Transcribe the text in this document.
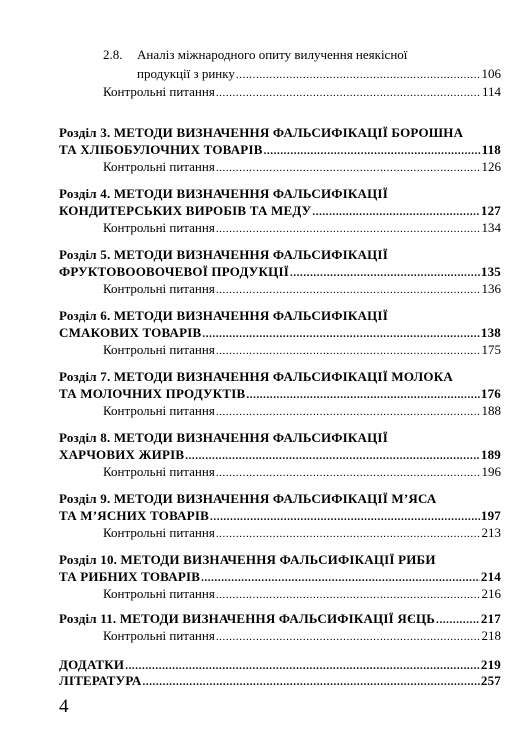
2.8. Аналіз міжнародного опиту вилучення неякісної
продукції з ринку .....	106
Контрольні питання .....	114
Розділ 3. МЕТОДИ ВИЗНАЧЕННЯ ФАЛЬСИФІКАЦІЇ БОРОШНА
ТА ХЛІБОБУЛОЧНИХ ТОВАРІВ .....	118
Контрольні питання .....	126
Розділ 4. МЕТОДИ ВИЗНАЧЕННЯ ФАЛЬСИФІКАЦІЇ
КОНДИТЕРСЬКИХ ВИРОБІВ ТА МЕДУ .....	127
Контрольні питання .....	134
Розділ 5. МЕТОДИ ВИЗНАЧЕННЯ ФАЛЬСИФІКАЦІЇ
ФРУКТОВООВОЧЕВОЇ ПРОДУКЦІЇ .....	135
Контрольні питання .....	136
Розділ 6. МЕТОДИ ВИЗНАЧЕННЯ ФАЛЬСИФІКАЦІЇ
СМАКОВИХ ТОВАРІВ .....	138
Контрольні питання .....	175
Розділ 7. МЕТОДИ ВИЗНАЧЕННЯ ФАЛЬСИФІКАЦІЇ МОЛОКА
ТА МОЛОЧНИХ ПРОДУКТІВ .....	176
Контрольні питання .....	188
Розділ 8. МЕТОДИ ВИЗНАЧЕННЯ ФАЛЬСИФІКАЦІЇ
ХАРЧОВИХ ЖИРІВ .....	189
Контрольні питання .....	196
Розділ 9. МЕТОДИ ВИЗНАЧЕННЯ ФАЛЬСИФІКАЦІЇ М’ЯСА
ТА М’ЯСНИХ ТОВАРІВ .....	197
Контрольні питання .....	213
Розділ 10. МЕТОДИ ВИЗНАЧЕННЯ ФАЛЬСИФІКАЦІЇ РИБИ
ТА РИБНИХ ТОВАРІВ .....	214
Контрольні питання .....	216
Розділ 11. МЕТОДИ ВИЗНАЧЕННЯ ФАЛЬСИФІКАЦІЇ ЯЄЦЬ .....	217
Контрольні питання .....	218
ДОДАТКИ .....	219
ЛІТЕРАТУРА .....	257
4
